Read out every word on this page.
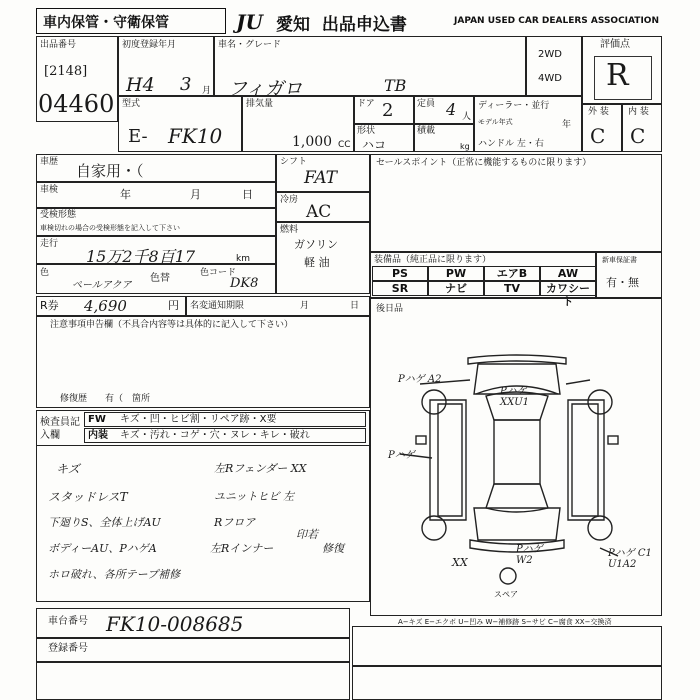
車内保管・守衛保管	JU 愛知 出品申込書	JAPAN USED CAR DEALERS ASSOCIATION
出品番号
[2148]
04460
初度登録年月
H4 3 月
車名・グレード
フィガロ	TB
2WD
4WD
評価点
R
型式
E- FK10
排気量
1,000 CC
ドア 2	定員 4 人
形状
ハコ
積載
kg
ディーラー・並行
モデル年式	年
ハンドル 左・右
外 装
C
内 装
C
車歴 自家用・（
車検	年	月	日
受検形態
車検切れの場合の受検形態を記入して下さい
走行
15万2千8百17	km
色
ペールアクア
色替	色コード
DK8
シフト
FAT
冷房
AC
燃料
ガソリン
軽 油
セールスポイント（正常に機能するものに限ります）
装備品（純正品に限ります）
PS	PW	エアB	AW
SR	ナビ	TV	カワシート
新車保証書
有・無
R券 4,690	円 名変通知期限	月	日
注意事項申告欄（不具合内容等は具体的に記入して下さい）
修復歴　　有（　箇所
後日品
検査員記入欄
FW キズ・凹・ヒビ割・リペア跡・X要
内装 キズ・汚れ・コゲ・穴・ヌレ・キレ・破れ
キズ	左Rフェンダー XX
スタッドレスT	ユニットヒビ 左
下廻りS、全体上げAU	Rフロア
ボディーAU、PハゲA	左Rインナー
印若
修復
ホロ破れ、各所テープ補修
車台番号 FK10-008685
登録番号
A−キズ E−エクボ U−凹み W−補修跡 S−サビ C−腐食 XX−交換済
スペア
Pハゲ A2
Pハゲ XXU1
Pハゲ
Pハゲ W2
Pハゲ C1 U1A2
XX
